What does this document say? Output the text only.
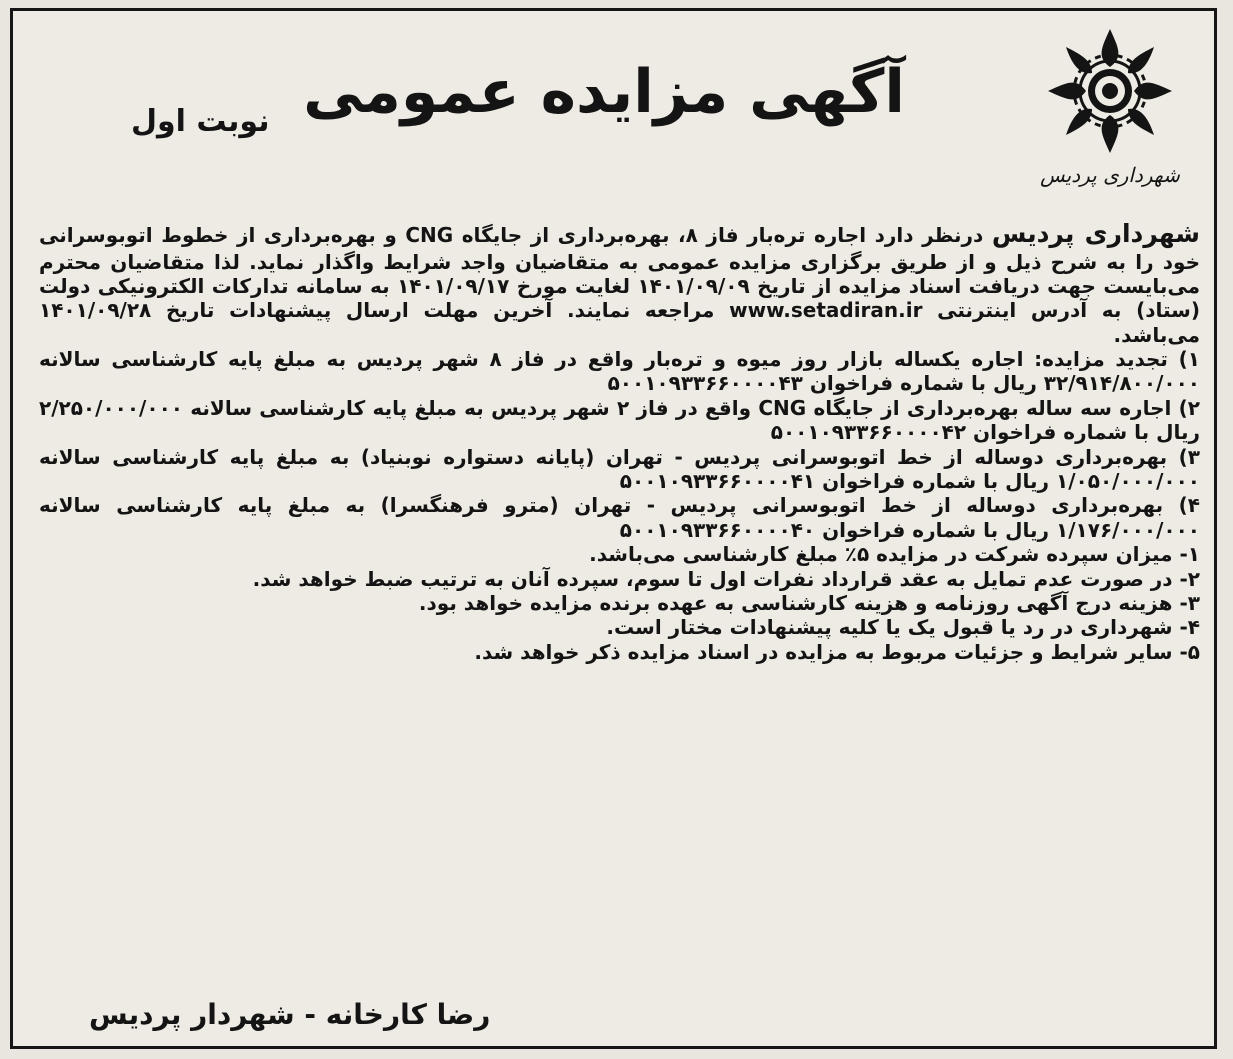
شهرداری پردیس
آگهی مزایده عمومی

نوبت اول

شهرداری پردیس درنظر دارد اجاره تره‌بار فاز ۸، بهره‌برداری از جایگاه CNG و بهره‌برداری از خطوط اتوبوسرانی خود را به شرح ذیل و از طریق برگزاری مزایده عمومی به متقاضیان واجد شرایط واگذار نماید. لذا متقاضیان محترم می‌بایست جهت دریافت اسناد مزایده از تاریخ ۱۴۰۱/۰۹/۰۹ لغایت مورخ ۱۴۰۱/۰۹/۱۷ به سامانه تدارکات الکترونیکی دولت (ستاد) به آدرس اینترنتی www.setadiran.ir مراجعه نمایند. آخرین مهلت ارسال پیشنهادات تاریخ ۱۴۰۱/۰۹/۲۸ می‌باشد.

۱) تجدید مزایده: اجاره یکساله بازار روز میوه و تره‌بار واقع در فاز ۸ شهر پردیس به مبلغ پایه کارشناسی سالانه ۳۲/۹۱۴/۸۰۰/۰۰۰ ریال با شماره فراخوان ۵۰۰۱۰۹۳۳۶۶۰۰۰۰۴۳
۲) اجاره سه ساله بهره‌برداری از جایگاه CNG واقع در فاز ۲ شهر پردیس به مبلغ پایه کارشناسی سالانه ۲/۲۵۰/۰۰۰/۰۰۰ ریال با شماره فراخوان ۵۰۰۱۰۹۳۳۶۶۰۰۰۰۴۲
۳) بهره‌برداری دوساله از خط اتوبوسرانی پردیس - تهران (پایانه دستواره نوبنیاد) به مبلغ پایه کارشناسی سالانه ۱/۰۵۰/۰۰۰/۰۰۰ ریال با شماره فراخوان ۵۰۰۱۰۹۳۳۶۶۰۰۰۰۴۱
۴) بهره‌برداری دوساله از خط اتوبوسرانی پردیس - تهران (مترو فرهنگسرا) به مبلغ پایه کارشناسی سالانه ۱/۱۷۶/۰۰۰/۰۰۰ ریال با شماره فراخوان ۵۰۰۱۰۹۳۳۶۶۰۰۰۰۴۰
۱- میزان سپرده شرکت در مزایده ۵٪ مبلغ کارشناسی می‌باشد.
۲- در صورت عدم تمایل به عقد قرارداد نفرات اول تا سوم، سپرده آنان به ترتیب ضبط خواهد شد.
۳- هزینه درج آگهی روزنامه و هزینه کارشناسی به عهده برنده مزایده خواهد بود.
۴- شهرداری در رد یا قبول یک یا کلیه پیشنهادات مختار است.
۵- سایر شرایط و جزئیات مربوط به مزایده در اسناد مزایده ذکر خواهد شد.

رضا کارخانه - شهردار پردیس
